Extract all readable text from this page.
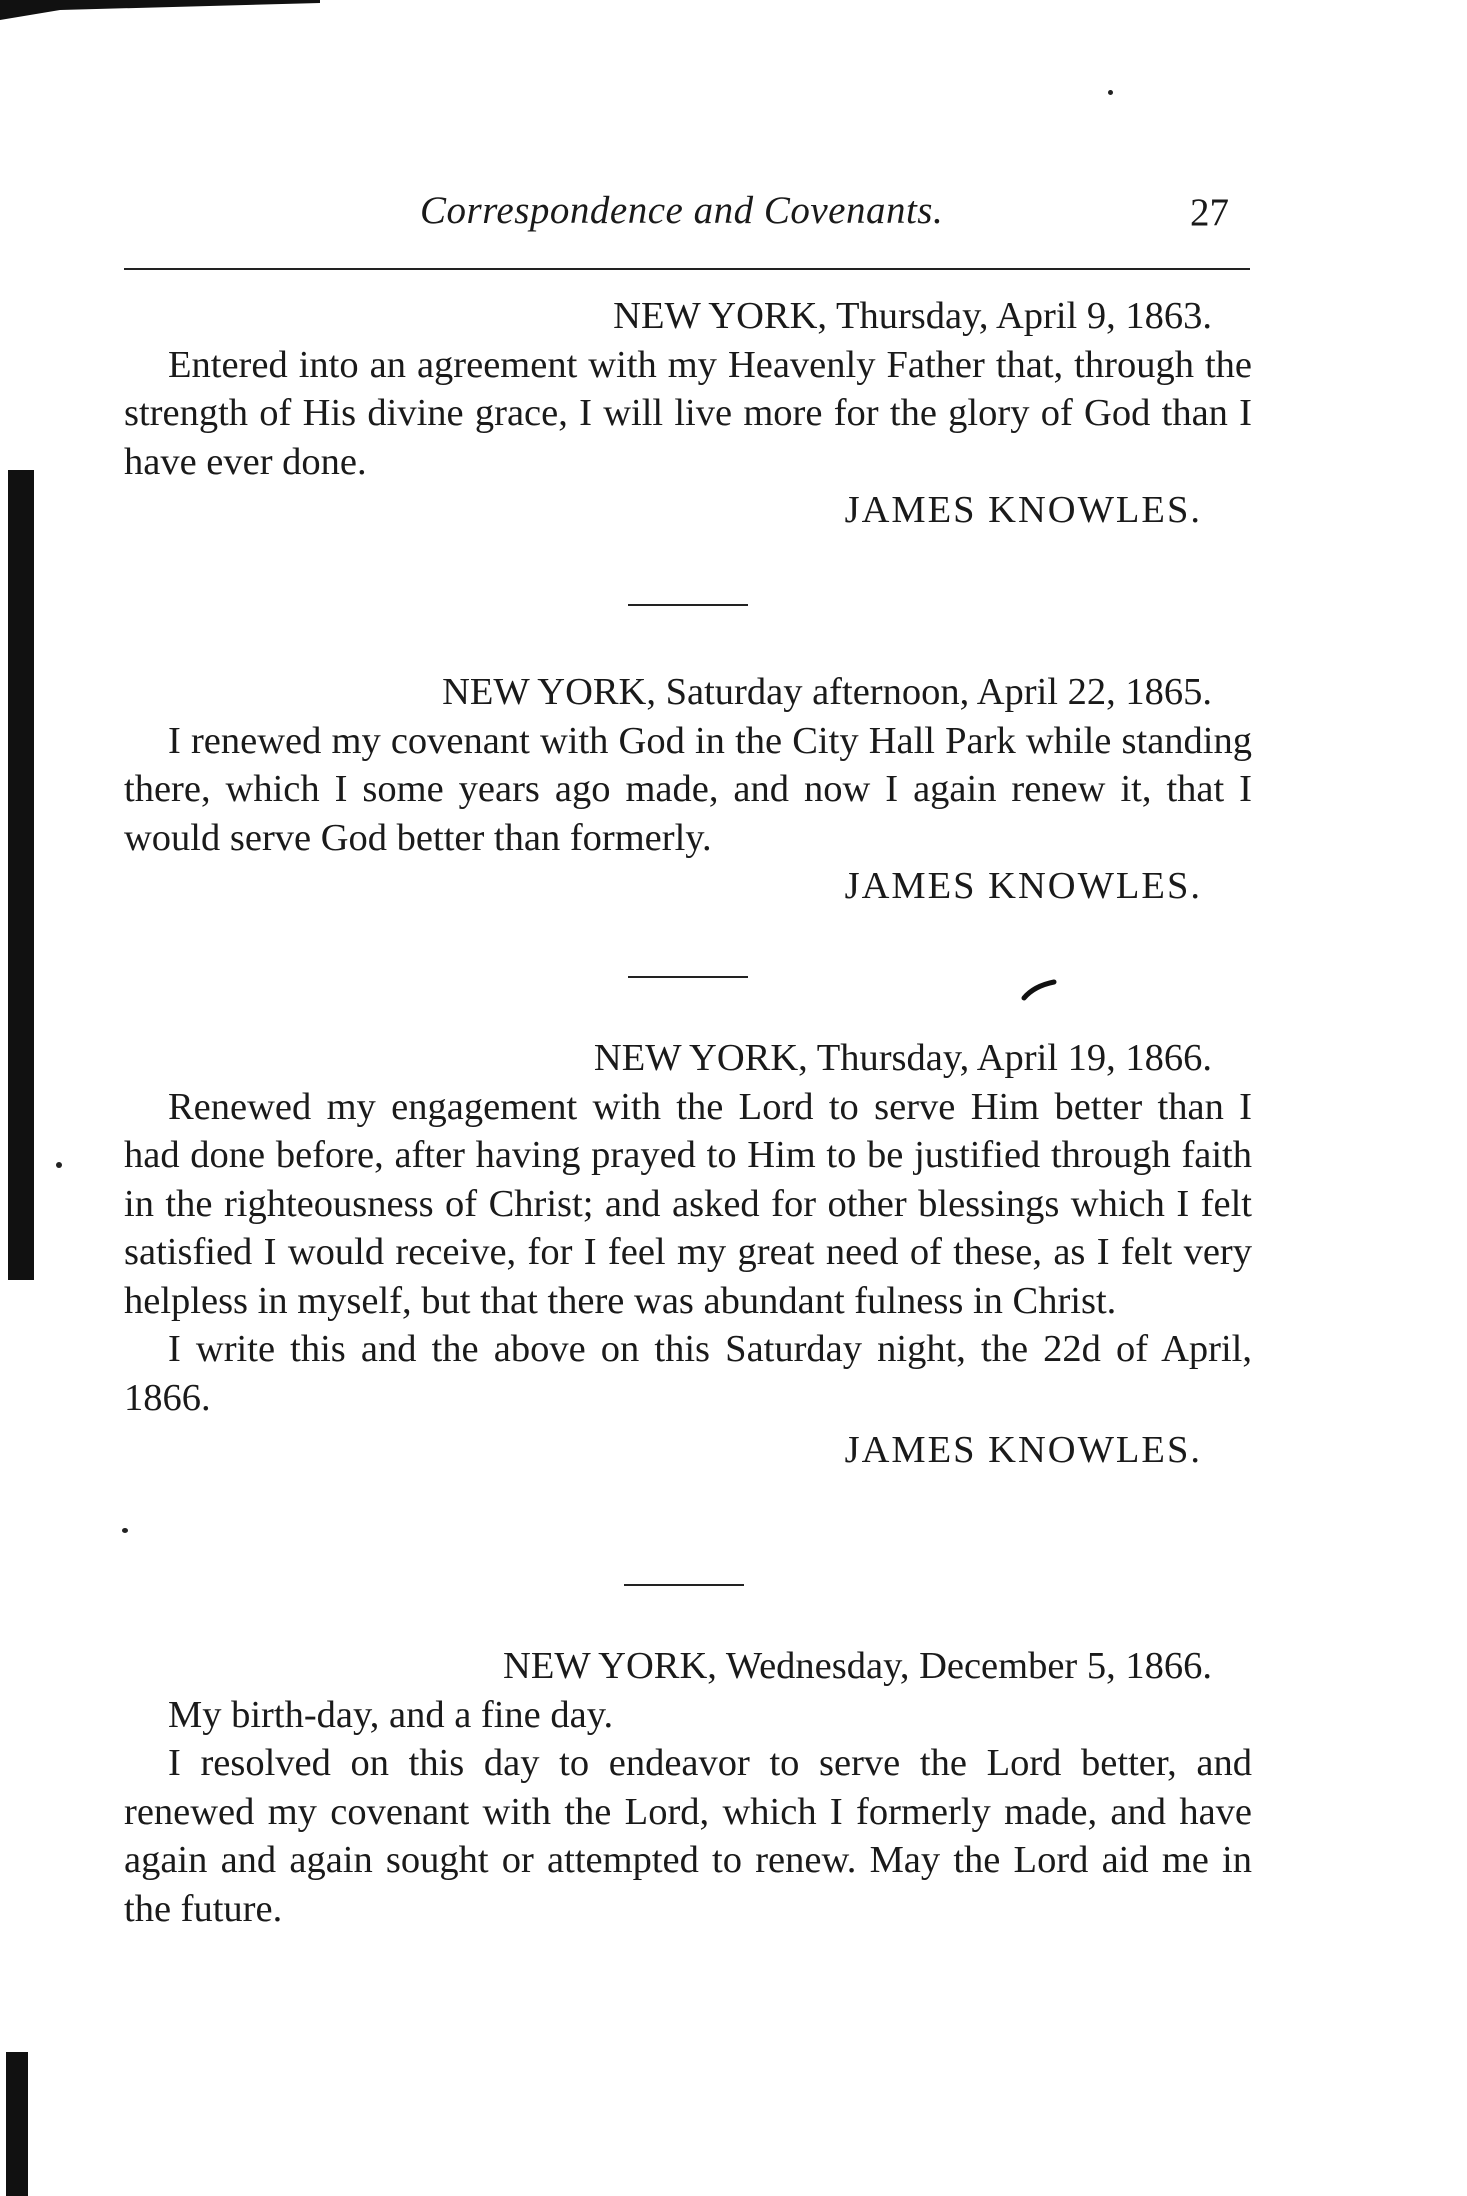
Correspondence and Covenants.	27
NEW YORK, Thursday, April 9, 1863.

Entered into an agreement with my Heavenly Father that, through the strength of His divine grace, I will live more for the glory of God than I have ever done.

JAMES KNOWLES.
NEW YORK, Saturday afternoon, April 22, 1865.

I renewed my covenant with God in the City Hall Park while standing there, which I some years ago made, and now I again renew it, that I would serve God better than formerly.

JAMES KNOWLES.
NEW YORK, Thursday, April 19, 1866.

Renewed my engagement with the Lord to serve Him better than I had done before, after having prayed to Him to be justified through faith in the righteousness of Christ; and asked for other blessings which I felt satisfied I would receive, for I feel my great need of these, as I felt very helpless in myself, but that there was abundant fulness in Christ.

I write this and the above on this Saturday night, the 22d of April, 1866.

JAMES KNOWLES.
NEW YORK, Wednesday, December 5, 1866.

My birth-day, and a fine day.

I resolved on this day to endeavor to serve the Lord better, and renewed my covenant with the Lord, which I formerly made, and have again and again sought or attempted to renew. May the Lord aid me in the future.
